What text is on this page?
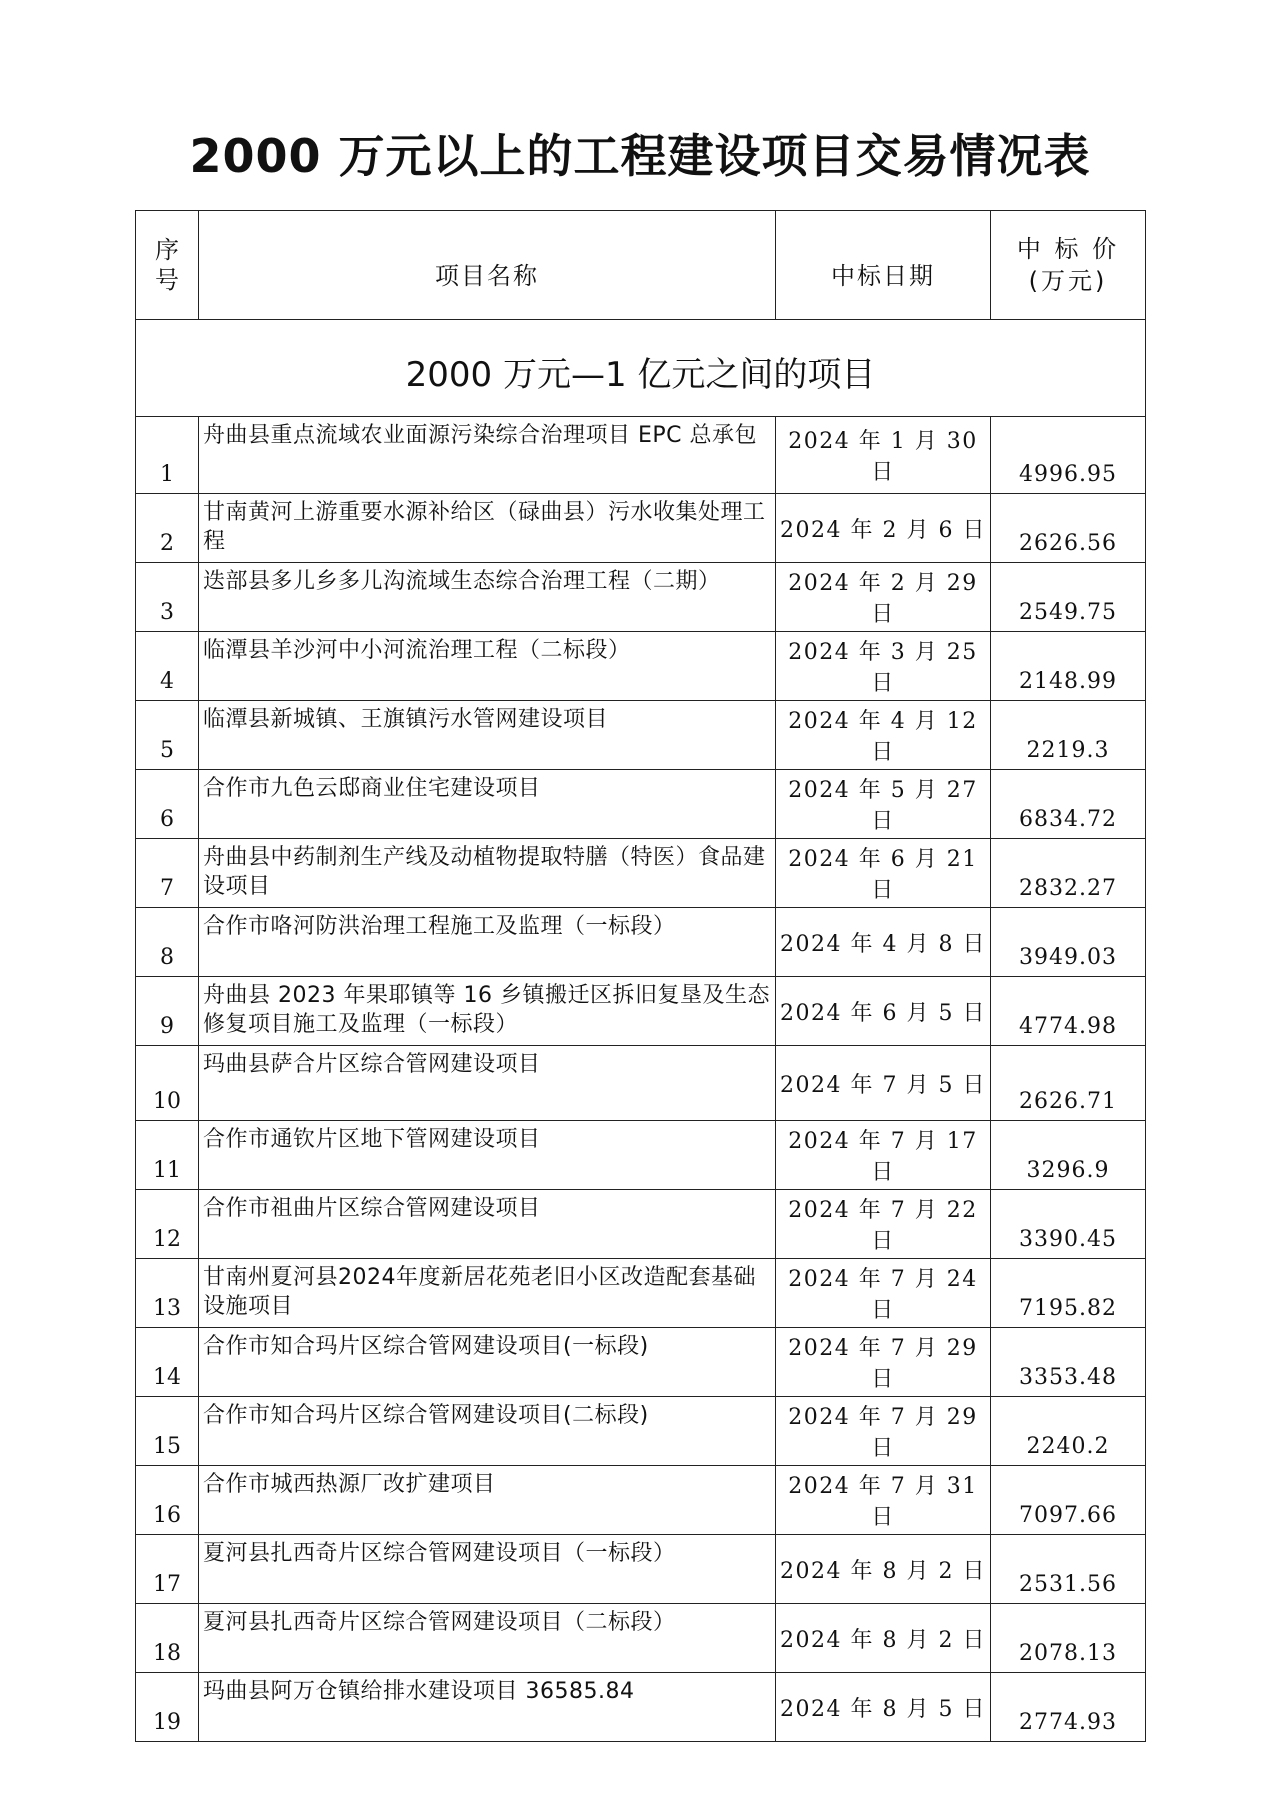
2000 万元以上的工程建设项目交易情况表
序
号	项目名称	中标日期	中 标 价
(万元)
2000 万元—1 亿元之间的项目			
1	舟曲县重点流域农业面源污染综合治理项目 EPC 总承包	2024 年 1 月 30 日	4996.95
2	甘南黄河上游重要水源补给区（碌曲县）污水收集处理工程	2024 年 2 月 6 日	2626.56
3	迭部县多儿乡多儿沟流域生态综合治理工程（二期）	2024 年 2 月 29 日	2549.75
4	临潭县羊沙河中小河流治理工程（二标段）	2024 年 3 月 25 日	2148.99
5	临潭县新城镇、王旗镇污水管网建设项目	2024 年 4 月 12 日	2219.3
6	合作市九色云邸商业住宅建设项目	2024 年 5 月 27 日	6834.72
7	舟曲县中药制剂生产线及动植物提取特膳（特医）食品建设项目	2024 年 6 月 21 日	2832.27
8	合作市咯河防洪治理工程施工及监理（一标段）	2024 年 4 月 8 日	3949.03
9	舟曲县 2023 年果耶镇等 16 乡镇搬迁区拆旧复垦及生态修复项目施工及监理（一标段）	2024 年 6 月 5 日	4774.98
10	玛曲县萨合片区综合管网建设项目	2024 年 7 月 5 日	2626.71
11	合作市通钦片区地下管网建设项目	2024 年 7 月 17 日	3296.9
12	合作市祖曲片区综合管网建设项目	2024 年 7 月 22 日	3390.45
13	甘南州夏河县2024年度新居花苑老旧小区改造配套基础设施项目	2024 年 7 月 24 日	7195.82
14	合作市知合玛片区综合管网建设项目(一标段)	2024 年 7 月 29 日	3353.48
15	合作市知合玛片区综合管网建设项目(二标段)	2024 年 7 月 29 日	2240.2
16	合作市城西热源厂改扩建项目	2024 年 7 月 31 日	7097.66
17	夏河县扎西奇片区综合管网建设项目（一标段）	2024 年 8 月 2 日	2531.56
18	夏河县扎西奇片区综合管网建设项目（二标段）	2024 年 8 月 2 日	2078.13
19	玛曲县阿万仓镇给排水建设项目 36585.84	2024 年 8 月 5 日	2774.93
